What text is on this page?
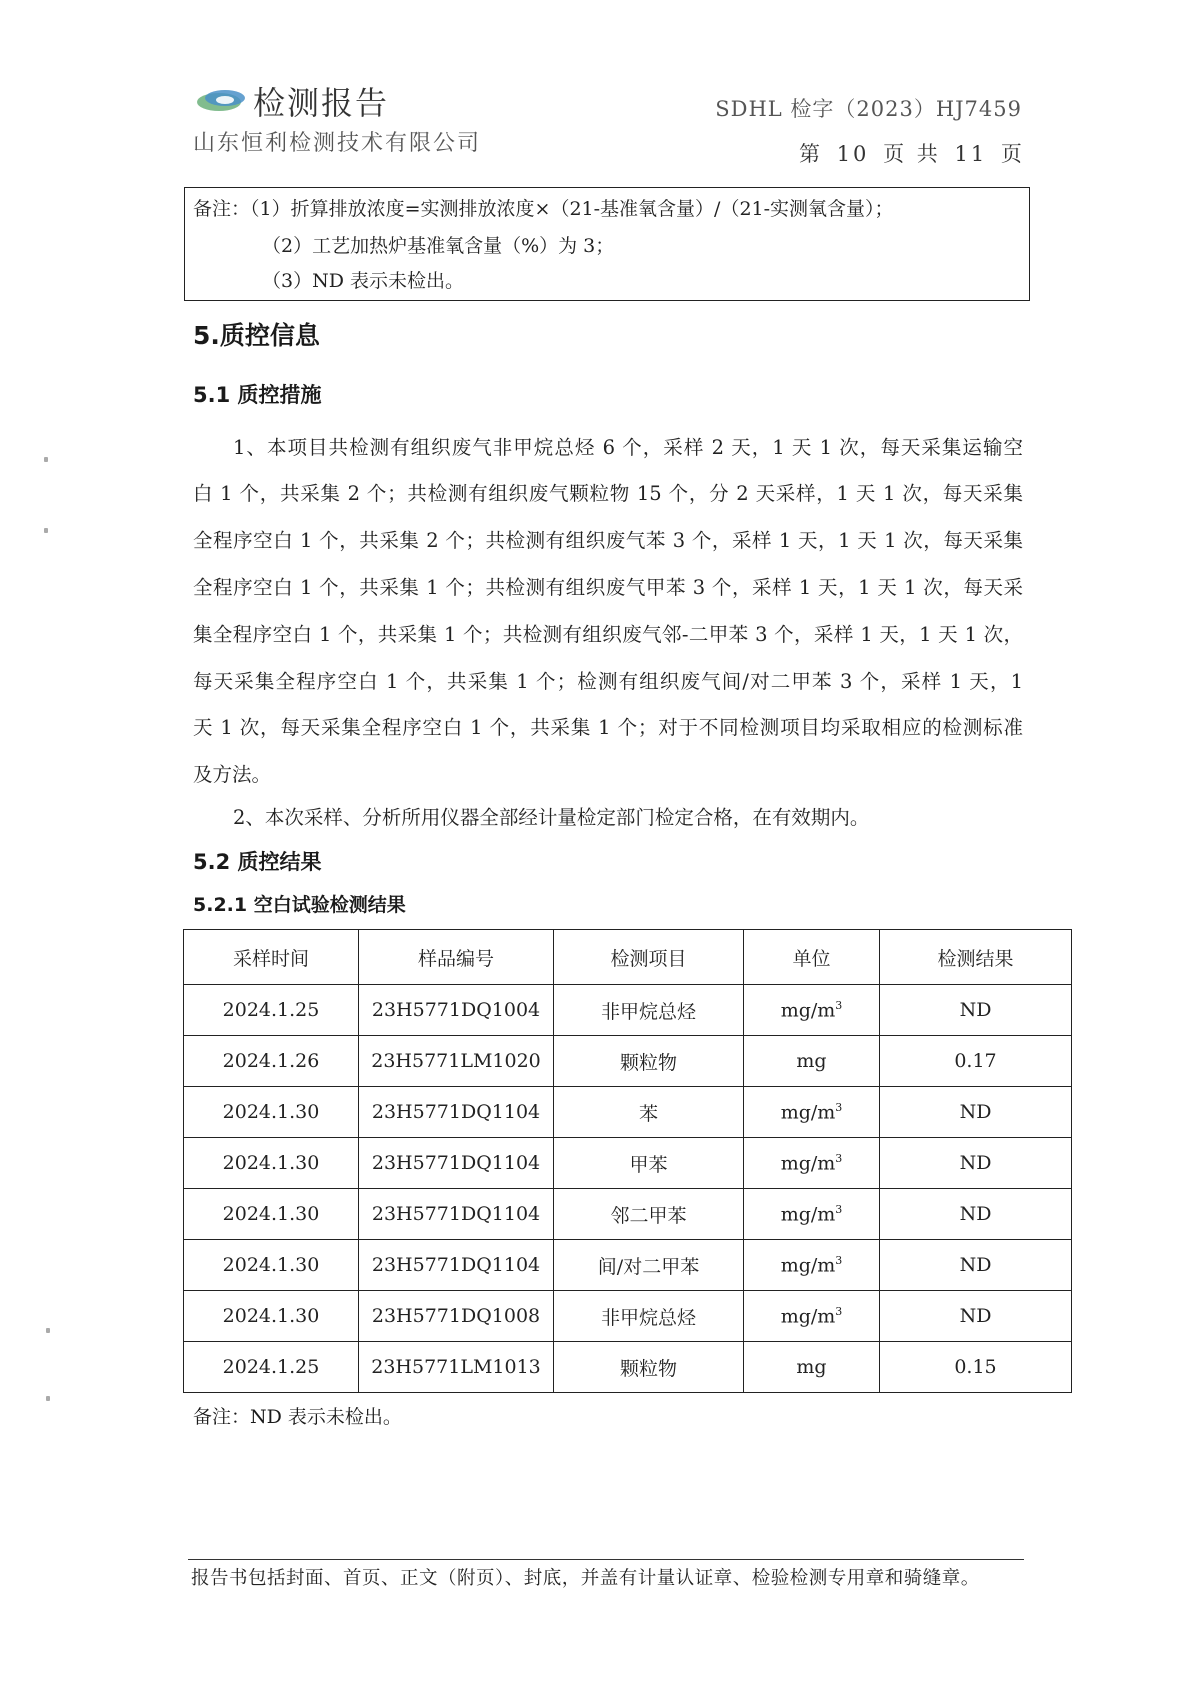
检测报告
山东恒利检测技术有限公司
SDHL 检字（2023）HJ7459
第 10 页 共 11 页
备注：（1）折算排放浓度=实测排放浓度×（21-基准氧含量）/（21-实测氧含量）；
（2）工艺加热炉基准氧含量（%）为 3；
（3）ND 表示未检出。
5.质控信息
5.1 质控措施
1、本项目共检测有组织废气非甲烷总烃 6 个，采样 2 天，1 天 1 次，每天采集运输空
白 1 个，共采集 2 个；共检测有组织废气颗粒物 15 个，分 2 天采样，1 天 1 次，每天采集
全程序空白 1 个，共采集 2 个；共检测有组织废气苯 3 个，采样 1 天，1 天 1 次，每天采集
全程序空白 1 个，共采集 1 个；共检测有组织废气甲苯 3 个，采样 1 天，1 天 1 次，每天采
集全程序空白 1 个，共采集 1 个；共检测有组织废气邻-二甲苯 3 个，采样 1 天，1 天 1 次，
每天采集全程序空白 1 个，共采集 1 个；检测有组织废气间/对二甲苯 3 个，采样 1 天，1
天 1 次，每天采集全程序空白 1 个，共采集 1 个；对于不同检测项目均采取相应的检测标准
及方法。
2、本次采样、分析所用仪器全部经计量检定部门检定合格，在有效期内。
5.2 质控结果
5.2.1 空白试验检测结果
采样时间	样品编号	检测项目	单位	检测结果
2024.1.25	23H5771DQ1004	非甲烷总烃	$mg/m^3$	ND
2024.1.26	23H5771LM1020	颗粒物	mg	0.17
2024.1.30	23H5771DQ1104	苯	$mg/m^3$	ND
2024.1.30	23H5771DQ1104	甲苯	$mg/m^3$	ND
2024.1.30	23H5771DQ1104	邻二甲苯	$mg/m^3$	ND
2024.1.30	23H5771DQ1104	间/对二甲苯	$mg/m^3$	ND
2024.1.30	23H5771DQ1008	非甲烷总烃	$mg/m^3$	ND
2024.1.25	23H5771LM1013	颗粒物	mg	0.15
备注：ND 表示未检出。
报告书包括封面、首页、正文（附页）、封底，并盖有计量认证章、检验检测专用章和骑缝章。
